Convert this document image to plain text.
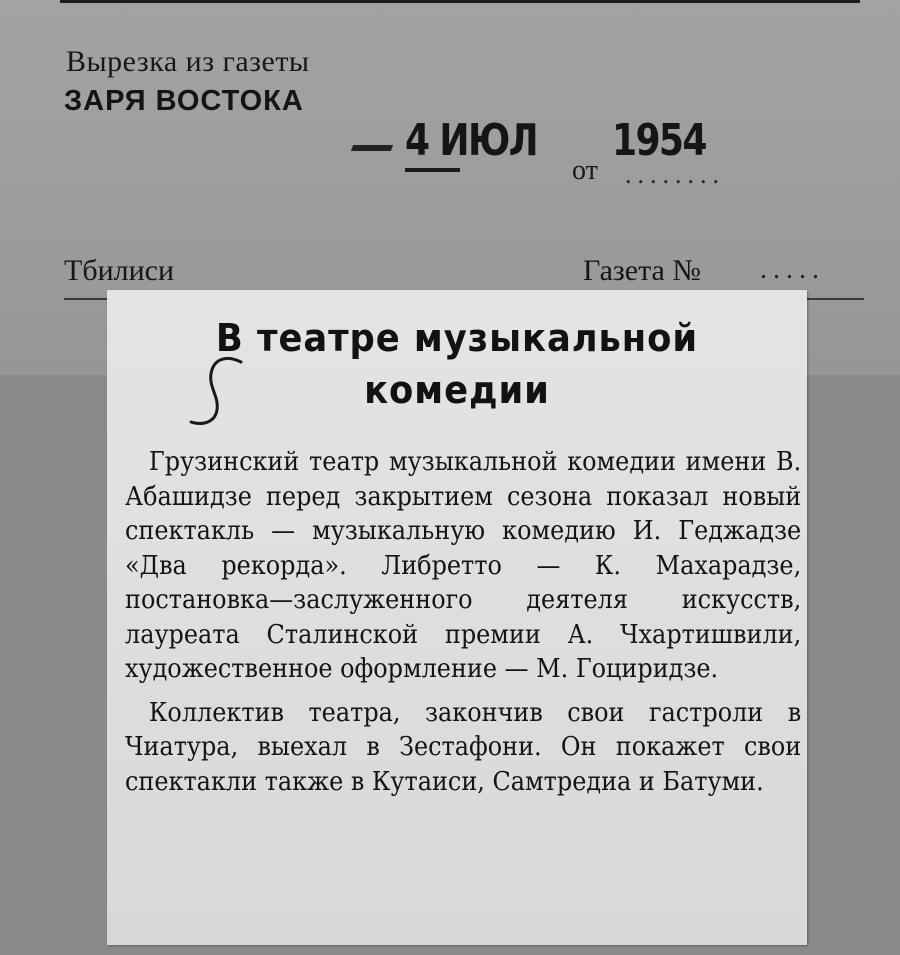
Вырезка из газеты
ЗАРЯ ВОСТОКА
4 ИЮЛ
от
1954
........
Тбилиси	Газета № .....
В театре музыкальной
комедии

Грузинский театр музыкальной комедии имени В. Абашидзе перед закрытием сезона показал новый спектакль — музыкальную комедию И. Геджадзе «Два рекорда». Либретто — К. Махарадзе, постановка—заслуженного деятеля искусств, лауреата Сталинской премии А. Чхартишвили, художественное оформление — М. Гоциридзе.

Коллектив театра, закончив свои гастроли в Чиатура, выехал в Зестафони. Он покажет свои спектакли также в Кутаиси, Самтредиа и Батуми.
